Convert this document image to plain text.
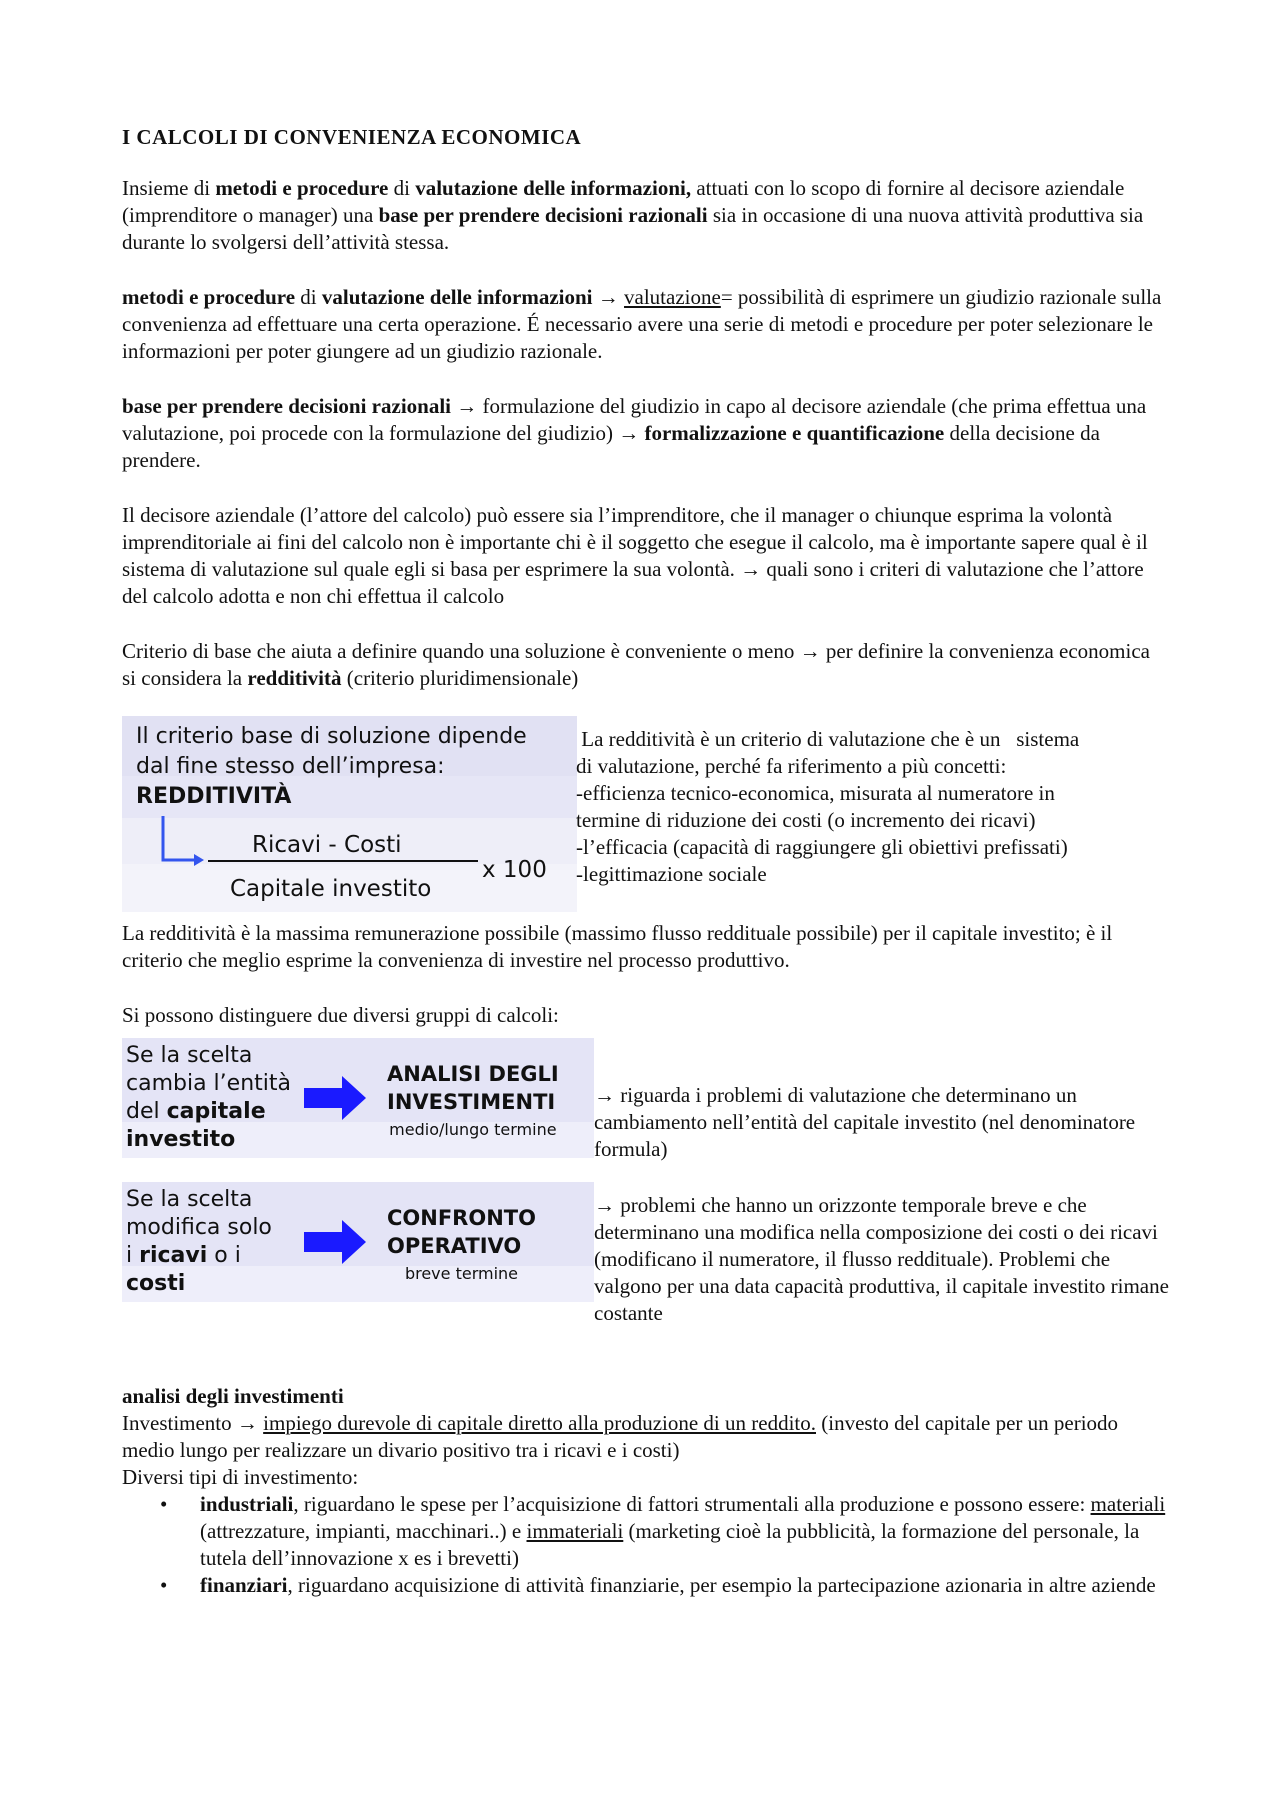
I CALCOLI DI CONVENIENZA ECONOMICA

Insieme di metodi e procedure di valutazione delle informazioni, attuati con lo scopo di fornire al decisore aziendale (imprenditore o manager) una base per prendere decisioni razionali sia in occasione di una nuova attività produttiva sia durante lo svolgersi dell’attività stessa.

metodi e procedure di valutazione delle informazioni → valutazione= possibilità di esprimere un giudizio razionale sulla convenienza ad effettuare una certa operazione. É necessario avere una serie di metodi e procedure per poter selezionare le informazioni per poter giungere ad un giudizio razionale.

base per prendere decisioni razionali → formulazione del giudizio in capo al decisore aziendale (che prima effettua una valutazione, poi procede con la formulazione del giudizio) → formalizzazione e quantificazione della decisione da prendere.

Il decisore aziendale (l’attore del calcolo) può essere sia l’imprenditore, che il manager o chiunque esprima la volontà imprenditoriale ai fini del calcolo non è importante chi è il soggetto che esegue il calcolo, ma è importante sapere qual è il sistema di valutazione sul quale egli si basa per esprimere la sua volontà. → quali sono i criteri di valutazione che l’attore del calcolo adotta e non chi effettua il calcolo

Criterio di base che aiuta a definire quando una soluzione è conveniente o meno → per definire la convenienza economica si considera la redditività (criterio pluridimensionale)

Il criterio base di soluzione dipende
dal fine stesso dell’impresa:
REDDITIVITÀ
Ricavi - Costi
Capitale investito
x 100
La redditività è un criterio di valutazione che è un   sistema
di valutazione, perché fa riferimento a più concetti:
-efficienza tecnico-economica, misurata al numeratore in
termine di riduzione dei costi (o incremento dei ricavi)
-l’efficacia (capacità di raggiungere gli obiettivi prefissati)
-legittimazione sociale

La redditività è la massima remunerazione possibile (massimo flusso reddituale possibile) per il capitale investito; è il criterio che meglio esprime la convenienza di investire nel processo produttivo.

Si possono distinguere due diversi gruppi di calcoli:

Se la scelta
cambia l’entità
del capitale
investito
ANALISI DEGLI
INVESTIMENTI
medio/lungo termine

→ riguarda i problemi di valutazione che determinano un cambiamento nell’entità del capitale investito (nel denominatore formula)

Se la scelta
modifica solo
i ricavi o i
costi
CONFRONTO
OPERATIVO
breve termine

→ problemi che hanno un orizzonte temporale breve e che determinano una modifica nella composizione dei costi o dei ricavi (modificano il numeratore, il flusso reddituale). Problemi che valgono per una data capacità produttiva, il capitale investito rimane costante

analisi degli investimenti

Investimento → impiego durevole di capitale diretto alla produzione di un reddito. (investo del capitale per un periodo medio lungo per realizzare un divario positivo tra i ricavi e i costi)

Diversi tipi di investimento:

• industriali, riguardano le spese per l’acquisizione di fattori strumentali alla produzione e possono essere: materiali (attrezzature, impianti, macchinari..) e immateriali (marketing cioè la pubblicità, la formazione del personale, la tutela dell’innovazione x es i brevetti)
• finanziari, riguardano acquisizione di attività finanziarie, per esempio la partecipazione azionaria in altre aziende
